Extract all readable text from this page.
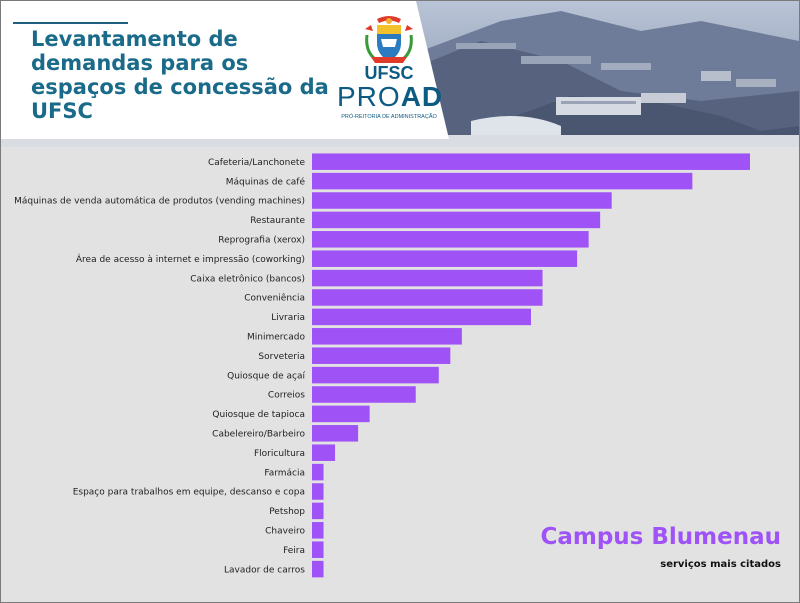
Levantamento de demandas para os espaços de concessão da UFSC
UFSC
PROAD
PRÓ-REITORIA DE ADMINISTRAÇÃO
Cafeteria/Lanchonete
Máquinas de café
Máquinas de venda automática de produtos (vending machines)
Restaurante
Reprografia (xerox)
Área de acesso à internet e impressão (coworking)
Caixa eletrônico (bancos)
Conveniência
Livraria
Minimercado
Sorveteria
Quiosque de açaí
Correios
Quiosque de tapioca
Cabelereiro/Barbeiro
Floricultura
Farmácia
Espaço para trabalhos em equipe, descanso e copa
Petshop
Chaveiro
Feira
Lavador de carros
Campus Blumenau
serviços mais citados
